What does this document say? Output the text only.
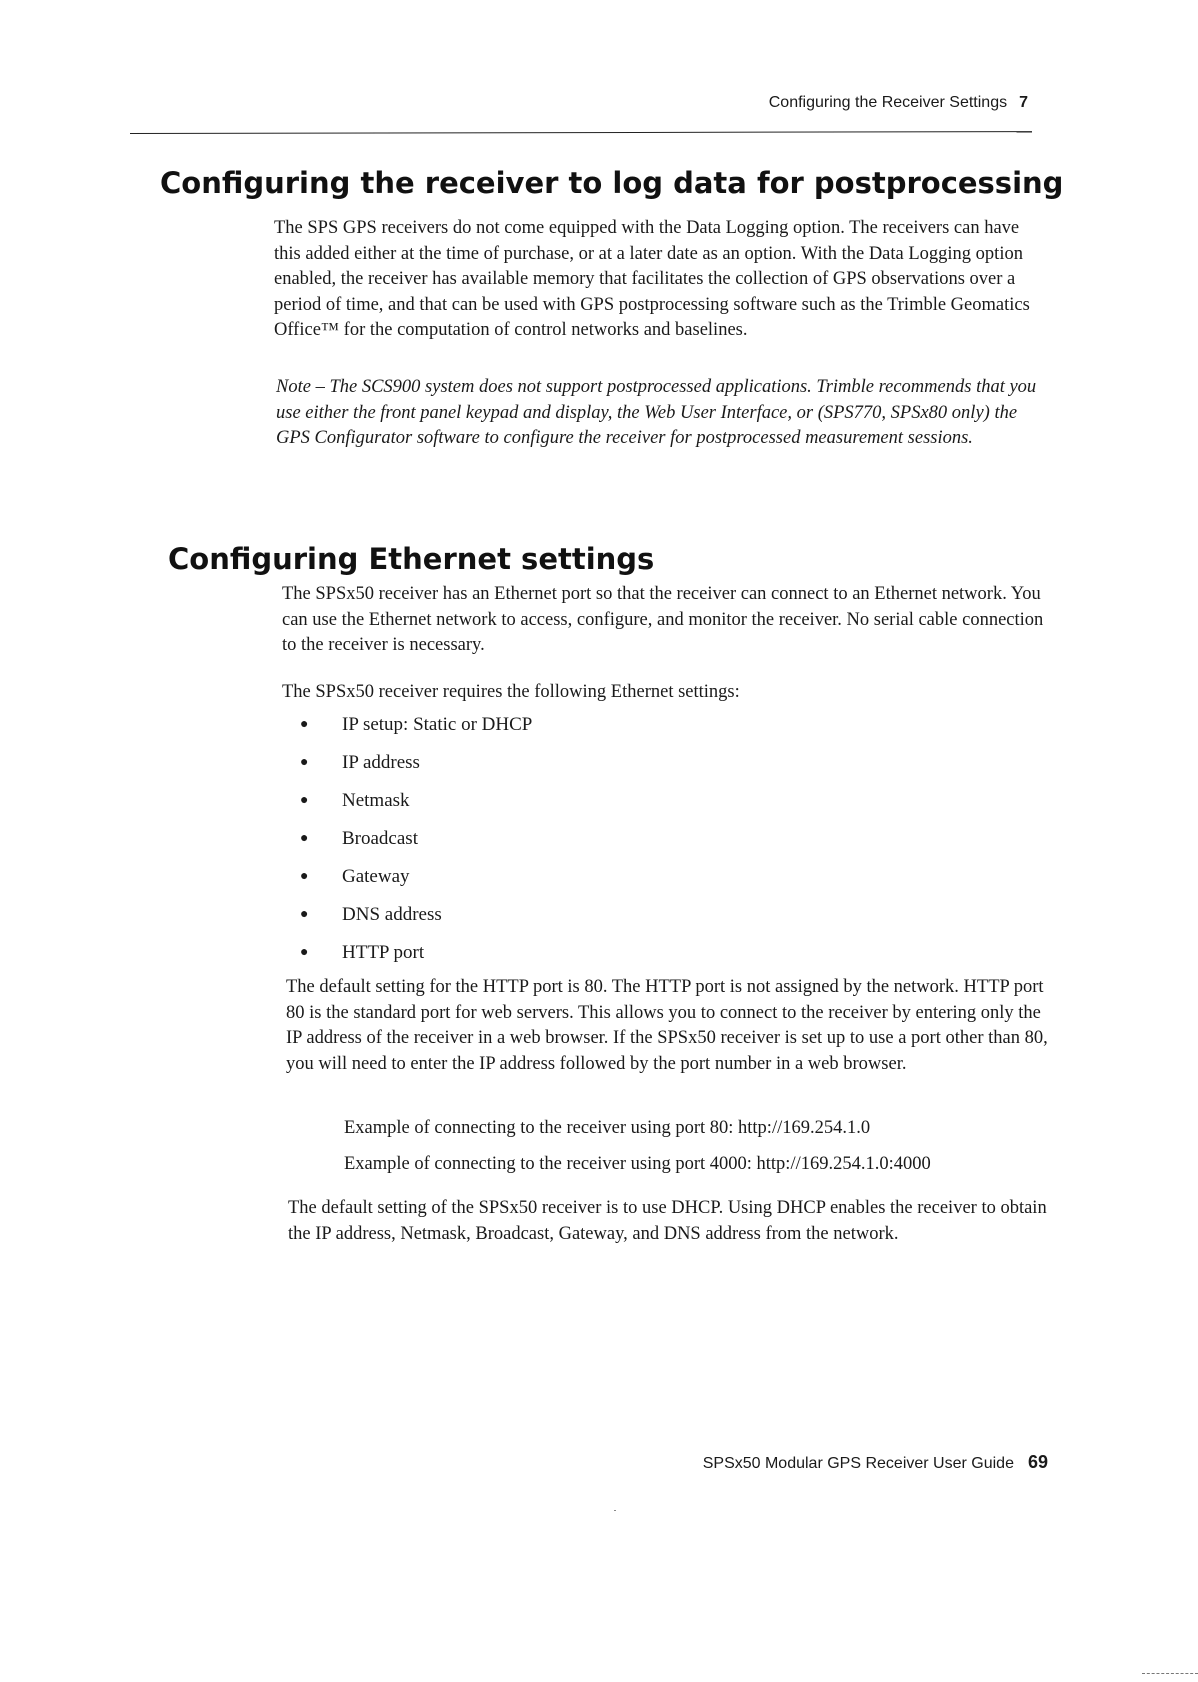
Configuring the Receiver Settings 7
Configuring the receiver to log data for postprocessing

The SPS GPS receivers do not come equipped with the Data Logging option. The receivers can have this added either at the time of purchase, or at a later date as an option. With the Data Logging option enabled, the receiver has available memory that facilitates the collection of GPS observations over a period of time, and that can be used with GPS postprocessing software such as the Trimble Geomatics Office™ for the computation of control networks and baselines.

Note – The SCS900 system does not support postprocessed applications. Trimble recommends that you use either the front panel keypad and display, the Web User Interface, or (SPS770, SPSx80 only) the GPS Configurator software to configure the receiver for postprocessed measurement sessions.

Configuring Ethernet settings

The SPSx50 receiver has an Ethernet port so that the receiver can connect to an Ethernet network. You can use the Ethernet network to access, configure, and monitor the receiver. No serial cable connection to the receiver is necessary.

The SPSx50 receiver requires the following Ethernet settings:

● IP setup: Static or DHCP
● IP address
● Netmask
● Broadcast
● Gateway
● DNS address
● HTTP port

The default setting for the HTTP port is 80. The HTTP port is not assigned by the network. HTTP port 80 is the standard port for web servers. This allows you to connect to the receiver by entering only the IP address of the receiver in a web browser. If the SPSx50 receiver is set up to use a port other than 80, you will need to enter the IP address followed by the port number in a web browser.

Example of connecting to the receiver using port 80: http://169.254.1.0
Example of connecting to the receiver using port 4000: http://169.254.1.0:4000

The default setting of the SPSx50 receiver is to use DHCP. Using DHCP enables the receiver to obtain the IP address, Netmask, Broadcast, Gateway, and DNS address from the network.

SPSx50 Modular GPS Receiver User Guide 69
